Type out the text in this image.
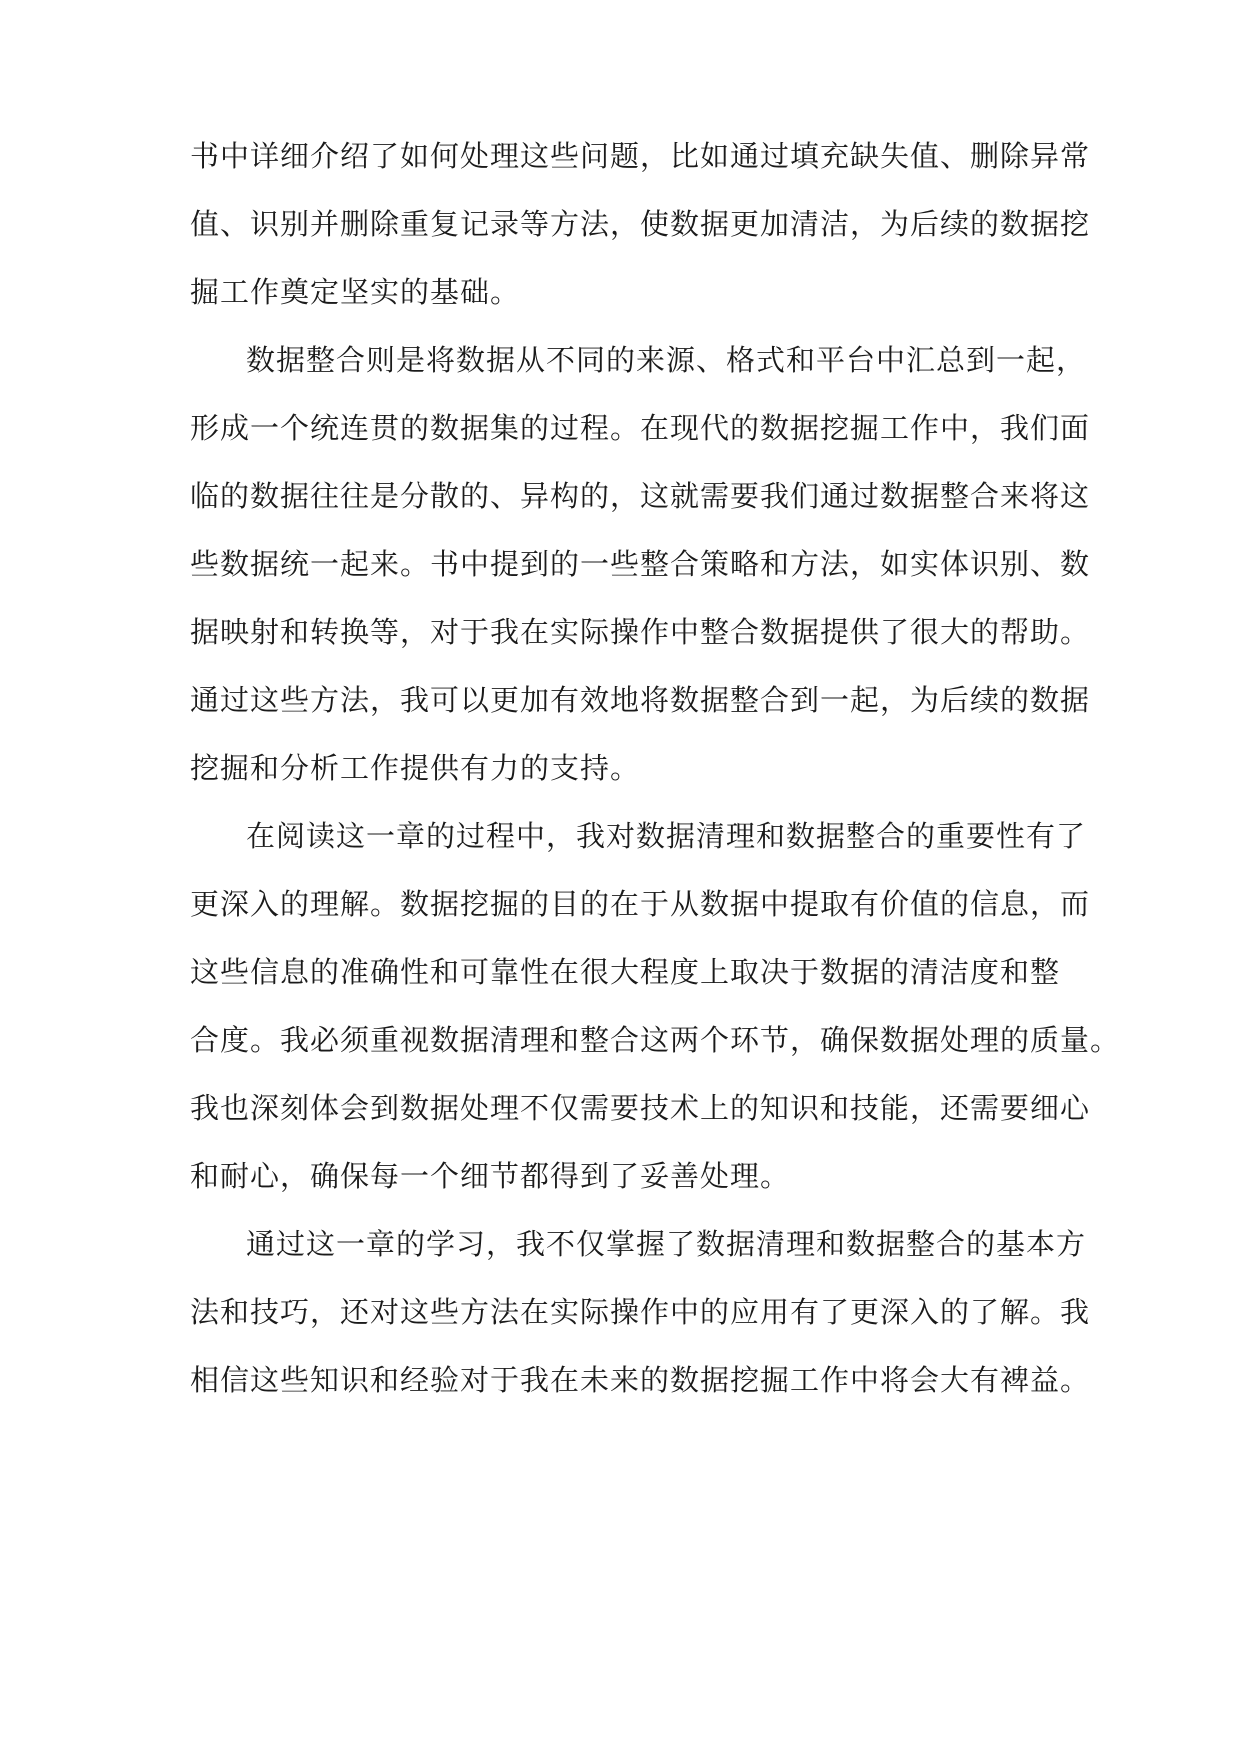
书中详细介绍了如何处理这些问题，比如通过填充缺失值、删除异常
值、识别并删除重复记录等方法，使数据更加清洁，为后续的数据挖
掘工作奠定坚实的基础。
数据整合则是将数据从不同的来源、格式和平台中汇总到一起，
形成一个统连贯的数据集的过程。在现代的数据挖掘工作中，我们面
临的数据往往是分散的、异构的，这就需要我们通过数据整合来将这
些数据统一起来。书中提到的一些整合策略和方法，如实体识别、数
据映射和转换等，对于我在实际操作中整合数据提供了很大的帮助。
通过这些方法，我可以更加有效地将数据整合到一起，为后续的数据
挖掘和分析工作提供有力的支持。
在阅读这一章的过程中，我对数据清理和数据整合的重要性有了
更深入的理解。数据挖掘的目的在于从数据中提取有价值的信息，而
这些信息的准确性和可靠性在很大程度上取决于数据的清洁度和整
合度。我必须重视数据清理和整合这两个环节，确保数据处理的质量。
我也深刻体会到数据处理不仅需要技术上的知识和技能，还需要细心
和耐心，确保每一个细节都得到了妥善处理。
通过这一章的学习，我不仅掌握了数据清理和数据整合的基本方
法和技巧，还对这些方法在实际操作中的应用有了更深入的了解。我
相信这些知识和经验对于我在未来的数据挖掘工作中将会大有裨益。
